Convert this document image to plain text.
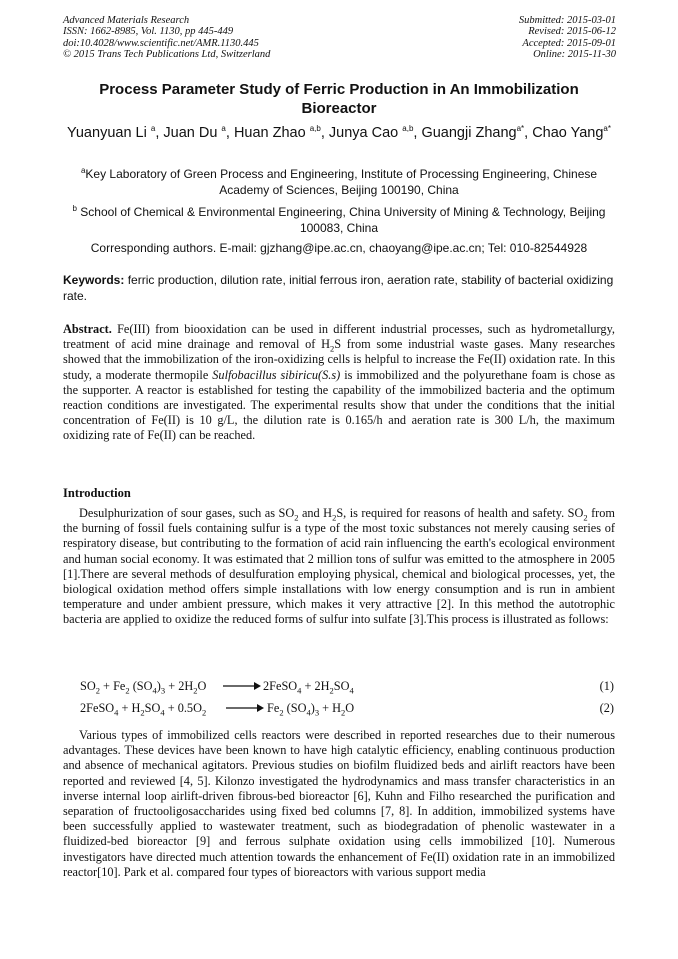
Advanced Materials Research
ISSN: 1662-8985, Vol. 1130, pp 445-449
doi:10.4028/www.scientific.net/AMR.1130.445
© 2015 Trans Tech Publications Ltd, Switzerland
Submitted: 2015-03-01
Revised: 2015-06-12
Accepted: 2015-09-01
Online: 2015-11-30
Process Parameter Study of Ferric Production in An Immobilization Bioreactor
Yuanyuan Li $^a$, Juan Du $^a$, Huan Zhao $^{a,b}$, Junya Cao $^{a,b}$, Guangji Zhang$^{a*}$, Chao Yang$^{a*}$
$^a$Key Laboratory of Green Process and Engineering, Institute of Processing Engineering, Chinese Academy of Sciences, Beijing 100190, China
$^b$ School of Chemical & Environmental Engineering, China University of Mining & Technology, Beijing 100083, China
Corresponding authors. E-mail: gjzhang@ipe.ac.cn, chaoyang@ipe.ac.cn; Tel: 010-82544928
Keywords: ferric production, dilution rate, initial ferrous iron, aeration rate, stability of bacterial oxidizing rate.

Abstract. Fe(III) from biooxidation can be used in different industrial processes, such as hydrometallurgy, treatment of acid mine drainage and removal of $H_2S$ from some industrial waste gases. Many researches showed that the immobilization of the iron-oxidizing cells is helpful to increase the Fe(II) oxidation rate. In this study, a moderate thermopile Sulfobacillus sibiricu(S.s) is immobilized and the polyurethane foam is chose as the supporter. A reactor is established for testing the capability of the immobilized bacteria and the optimum reaction conditions are investigated. The experimental results show that under the conditions that the initial concentration of Fe(II) is 10 g/L, the dilution rate is 0.165/h and aeration rate is 300 L/h, the maximum oxidizing rate of Fe(II) can be reached.

Introduction

Desulphurization of sour gases, such as $SO_2$ and $H_2S$, is required for reasons of health and safety. $SO_2$ from the burning of fossil fuels containing sulfur is a type of the most toxic substances not merely causing series of respiratory disease, but contributing to the formation of acid rain influencing the earth's ecological environment and human social economy. It was estimated that 2 million tons of sulfur was emitted to the atmosphere in 2005 [1].There are several methods of desulfuration employing physical, chemical and biological processes, yet, the biological oxidation method offers simple installations with low energy consumption and is run in ambient temperature and under ambient pressure, which makes it very attractive [2]. In this method the autotrophic bacteria are applied to oxidize the reduced forms of sulfur into sulfate [3].This process is illustrated as follows:

$SO_2 + Fe_2$ $(SO_4)_3 + 2H_2O$ → 2FeSO$_4$ + $2H_2SO_4$	(1)
2FeSO$_4$ + $H_2SO_4 + 0.5O_2 \to Fe_2$ $(SO_4)_3 + H_2O$	(2)

Various types of immobilized cells reactors were described in reported researches due to their numerous advantages. These devices have been known to have high catalytic efficiency, enabling continuous production and absence of mechanical agitators. Previous studies on biofilm fluidized beds and airlift reactors have been reported and reviewed [4, 5]. Kilonzo investigated the hydrodynamics and mass transfer characteristics in an inverse internal loop airlift-driven fibrous-bed bioreactor [6], Kuhn and Filho researched the purification and separation of fructooligosaccharides using fixed bed columns [7, 8]. In addition, immobilized systems have been successfully applied to wastewater treatment, such as biodegradation of phenolic wastewater in a fluidized-bed bioreactor [9] and ferrous sulphate oxidation using cells immobilized [10]. Numerous investigators have directed much attention towards the enhancement of Fe(II) oxidation rate in an immobilized reactor[10]. Park et al. compared four types of bioreactors with various support media
